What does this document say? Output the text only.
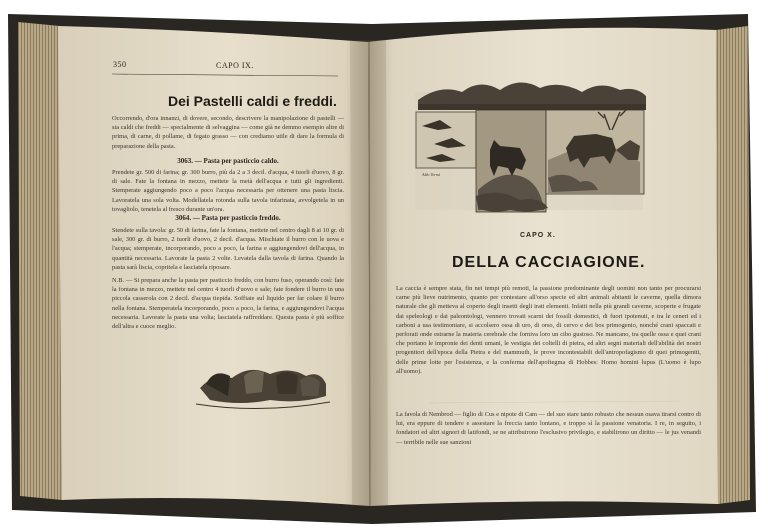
Aldo Vermi
350	CAPO IX.
Dei Pastelli caldi e freddi.
Occorrendo, d'ora innanzi, di dovere, secondo, descrivere la manipolazione di pastelli — sia caldi che freddi — specialmente di selvaggina — come già ne demmo esempio altre di prima, di carne, di pollame, di fegato grasso — con crediamo utile di dare la formula di preparazione della pasta.
3063. — Pasta per pasticcio caldo.
Prendete gr. 500 di farina; gr. 300 burro, più da 2 a 3 decil. d'acqua, 4 tuorli d'uovo, 8 gr. di sale. Fate la fontana in mezzo, mettete la metà dell'acqua e tutti gli ingredienti. Stemperate aggiungendo poco a poco l'acqua necessaria per ottenere una pasta liscia. Lavoratela una sola volta. Modellatela rotonda sulla tavola infarinata, avvolgetela in un tovagliolo, tenetela al fresco durante un'ora.
3064. — Pasta per pasticcio freddo.
Stendete sulla tavola: gr. 50 di farina, fate la fontana, mettete nel centro dagli 8 ai 10 gr. di sale, 300 gr. di burro, 2 tuorli d'uovo, 2 decil. d'acqua. Mischiate il burro con le uova e l'acqua; stemperate, incorporando, poco a poco, la farina e aggiungendovi dell'acqua, in quantità necessaria. Lavorate la pasta 2 volte. Levatela dalla tavola di farina. Quando la pasta sarà liscia, copritela e lasciatela riposare.
N.B. — Si prepara anche la pasta per pasticcio freddo, con burro fuso, operando così: fate la fontana in mezzo, mettete nel centro 4 tuorli d'uovo e sale; fate fondere il burro in una piccola casserola con 2 decil. d'acqua tiepida. Soffiate sul liquido per far colare il burro nella fontana. Stemperatela incorporando, poco a poco, la farina, e aggiungendovi l'acqua necessaria. Lavorate la pasta una volta; lasciatela raffreddare. Questa pasta è più soffice dell'altra e cuoce meglio.
CAPO X.
DELLA CACCIAGIONE.
La caccia è sempre stata, fin nei tempi più remoti, la passione predominante degli uomini non tanto per procurarsi carne più lieve nutrimento, quanto per contestare all'orso specie ed altri animali abitanti le caverne, quella dimora naturale che gli metteva al coperto degli insetti degli irati elementi. Infatti nella più grandi caverne, scoperte e frugate dai speleologi e dai paleontologi, vennero trovati scarni dei fossili domestici, di fuori ipotenuti, e tra le ceneri ed i carboni a usa testimoniare, si accolsero ossa di uro, di orso, di cervo e dei bos primogenio, nonché crani spaccati e perforati onde estrarne la materia cerebrale che forniva loro un cibo gustoso. Ne mancano, tra quelle ossa e quei crani che portano le impronte dei denti umani, le vestigia dei coltelli di pietra, ed altri segni materiali dell'abilità dei nostri progenitori dell'epoca della Pietra e del mammuth, le prove incontestabili dell'antropofagismo di quei primogeniti, delle prime lotte per l'esistenza, e la conferma dell'apoftegma di Hobbes: Homo homini lupus (L'uomo è lupo all'uomo).
La favola di Nembrod — figlio di Cus e nipote di Cam — del suo stare tanto robusto che nessun osava tirarsi contro di lui, era eppure di tendere e assestare la freccia tanto lontano, e troppo sì la passione venatoria. I re, in seguito, i fondatori ed altri signori di latifondi, se ne attribuirono l'esclusivo privilegio, e stabilirono un diritto — le jus venandi — terribile nelle sue sanzioni
